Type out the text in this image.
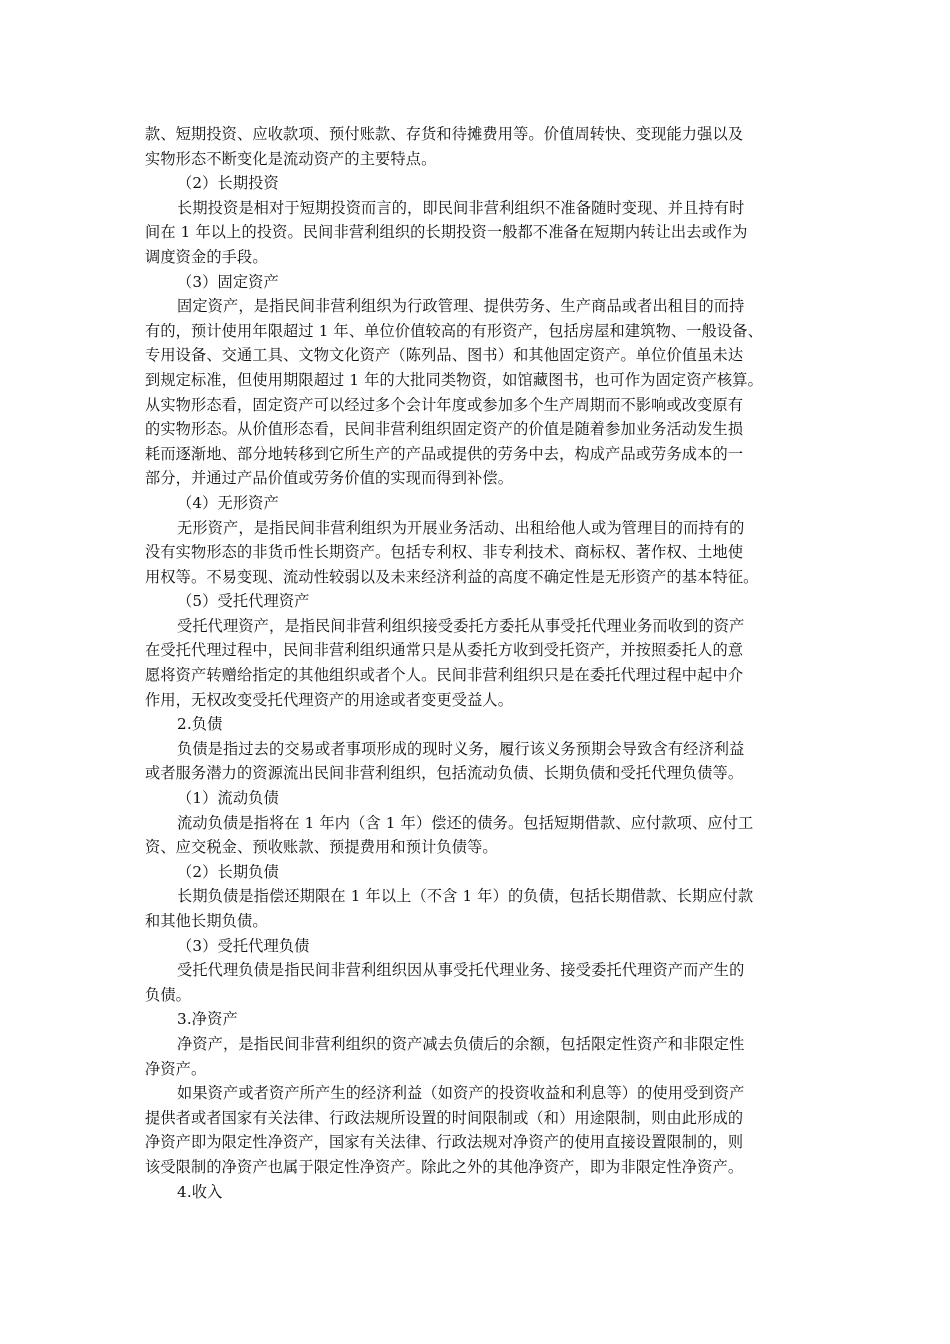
款、短期投资、应收款项、预付账款、存货和待摊费用等。价值周转快、变现能力强以及
实物形态不断变化是流动资产的主要特点。
（2）长期投资
长期投资是相对于短期投资而言的，即民间非营利组织不准备随时变现、并且持有时
间在 1 年以上的投资。民间非营利组织的长期投资一般都不准备在短期内转让出去或作为
调度资金的手段。
（3）固定资产
固定资产，是指民间非营利组织为行政管理、提供劳务、生产商品或者出租目的而持
有的，预计使用年限超过 1 年、单位价值较高的有形资产，包括房屋和建筑物、一般设备、
专用设备、交通工具、文物文化资产（陈列品、图书）和其他固定资产。单位价值虽未达
到规定标准，但使用期限超过 1 年的大批同类物资，如馆藏图书，也可作为固定资产核算。
从实物形态看，固定资产可以经过多个会计年度或参加多个生产周期而不影响或改变原有
的实物形态。从价值形态看，民间非营利组织固定资产的价值是随着参加业务活动发生损
耗而逐渐地、部分地转移到它所生产的产品或提供的劳务中去，构成产品或劳务成本的一
部分，并通过产品价值或劳务价值的实现而得到补偿。
（4）无形资产
无形资产，是指民间非营利组织为开展业务活动、出租给他人或为管理目的而持有的
没有实物形态的非货币性长期资产。包括专利权、非专利技术、商标权、著作权、土地使
用权等。不易变现、流动性较弱以及未来经济利益的高度不确定性是无形资产的基本特征。
（5）受托代理资产
受托代理资产，是指民间非营利组织接受委托方委托从事受托代理业务而收到的资产
在受托代理过程中，民间非营利组织通常只是从委托方收到受托资产，并按照委托人的意
愿将资产转赠给指定的其他组织或者个人。民间非营利组织只是在委托代理过程中起中介
作用，无权改变受托代理资产的用途或者变更受益人。
2.负债
负债是指过去的交易或者事项形成的现时义务，履行该义务预期会导致含有经济利益
或者服务潜力的资源流出民间非营利组织，包括流动负债、长期负债和受托代理负债等。
（1）流动负债
流动负债是指将在 1 年内（含 1 年）偿还的债务。包括短期借款、应付款项、应付工
资、应交税金、预收账款、预提费用和预计负债等。
（2）长期负债
长期负债是指偿还期限在 1 年以上（不含 1 年）的负债，包括长期借款、长期应付款
和其他长期负债。
（3）受托代理负债
受托代理负债是指民间非营利组织因从事受托代理业务、接受委托代理资产而产生的
负债。
3.净资产
净资产，是指民间非营利组织的资产减去负债后的余额，包括限定性资产和非限定性
净资产。
如果资产或者资产所产生的经济利益（如资产的投资收益和利息等）的使用受到资产
提供者或者国家有关法律、行政法规所设置的时间限制或（和）用途限制，则由此形成的
净资产即为限定性净资产，国家有关法律、行政法规对净资产的使用直接设置限制的，则
该受限制的净资产也属于限定性净资产。除此之外的其他净资产，即为非限定性净资产。
4.收入
